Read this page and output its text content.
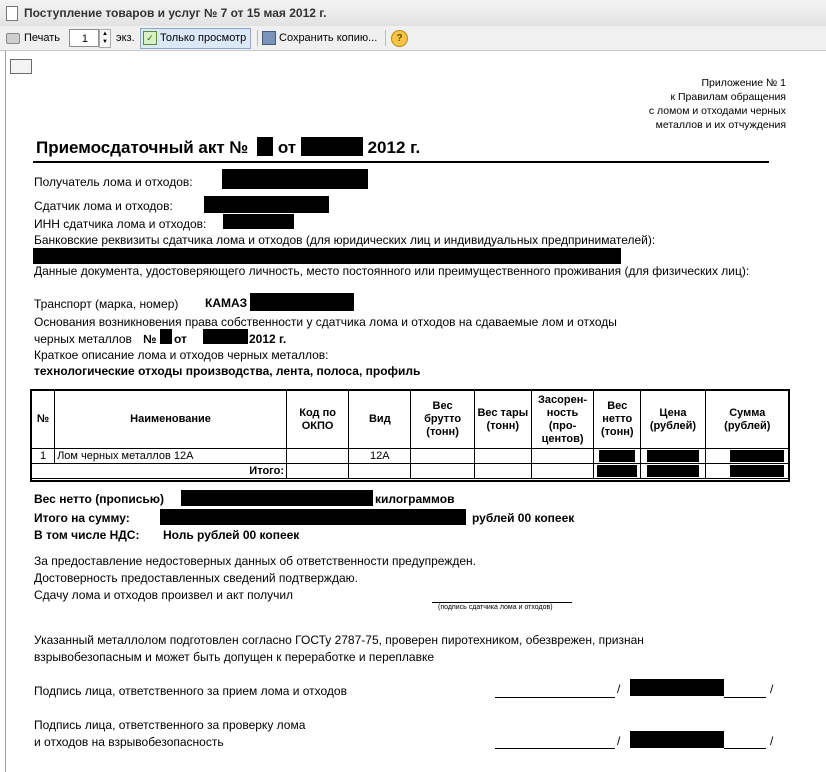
Поступление товаров и услуг № 7 от 15 мая 2012 г.
Печать
1	▲
▼ экз.	✓ Только просмотр	Сохранить копию...	?
Приложение № 1
к Правилам обращения
с ломом и отходами черных
металлов и их отчуждения
Приемосдаточный акт № от	2012 г.
Получатель лома и отходов:
Сдатчик лома и отходов:
ИНН сдатчика лома и отходов:
Банковские реквизиты сдатчика лома и отходов (для юридических лиц и индивидуальных предпринимателей):
Данные документа, удостоверяющего личность, место постоянного или преимущественного проживания (для физических лиц):
Транспорт (марка, номер) КАМАЗ
Основания возникновения права собственности у сдатчика лома и отходов на сдаваемые лом и отходы
черных металлов № от	2012 г.
Краткое описание лома и отходов черных металлов:
технологические отходы производства, лента, полоса, профиль
№	Наименование	Код по ОКПО	Вид	Вес брутто (тонн)	Вес тары (тонн)	Засорен-ность (про-центов)	Вес нетто (тонн)	Цена (рублей)	Сумма (рублей)
1	Лом черных металлов 12А		12А				

	Итого:						

Вес нетто (прописью)	килограммов
Итого на сумму:	рублей 00 копеек
В том числе НДС: Ноль рублей 00 копеек
За предоставление недостоверных данных об ответственности предупрежден.
Достоверность предоставленных сведений подтверждаю.
Сдачу лома и отходов произвел и акт получил
(подпись сдатчика лома и отходов)
Указанный металлолом подготовлен согласно ГОСТу 2787-75, проверен пиротехником, обезврежен, признан
взрывобезопасным и может быть допущен к переработке и переплавке
Подпись лица, ответственного за прием лома и отходов	/	/
Подпись лица, ответственного за проверку лома
и отходов на взрывобезопасность	/	/
